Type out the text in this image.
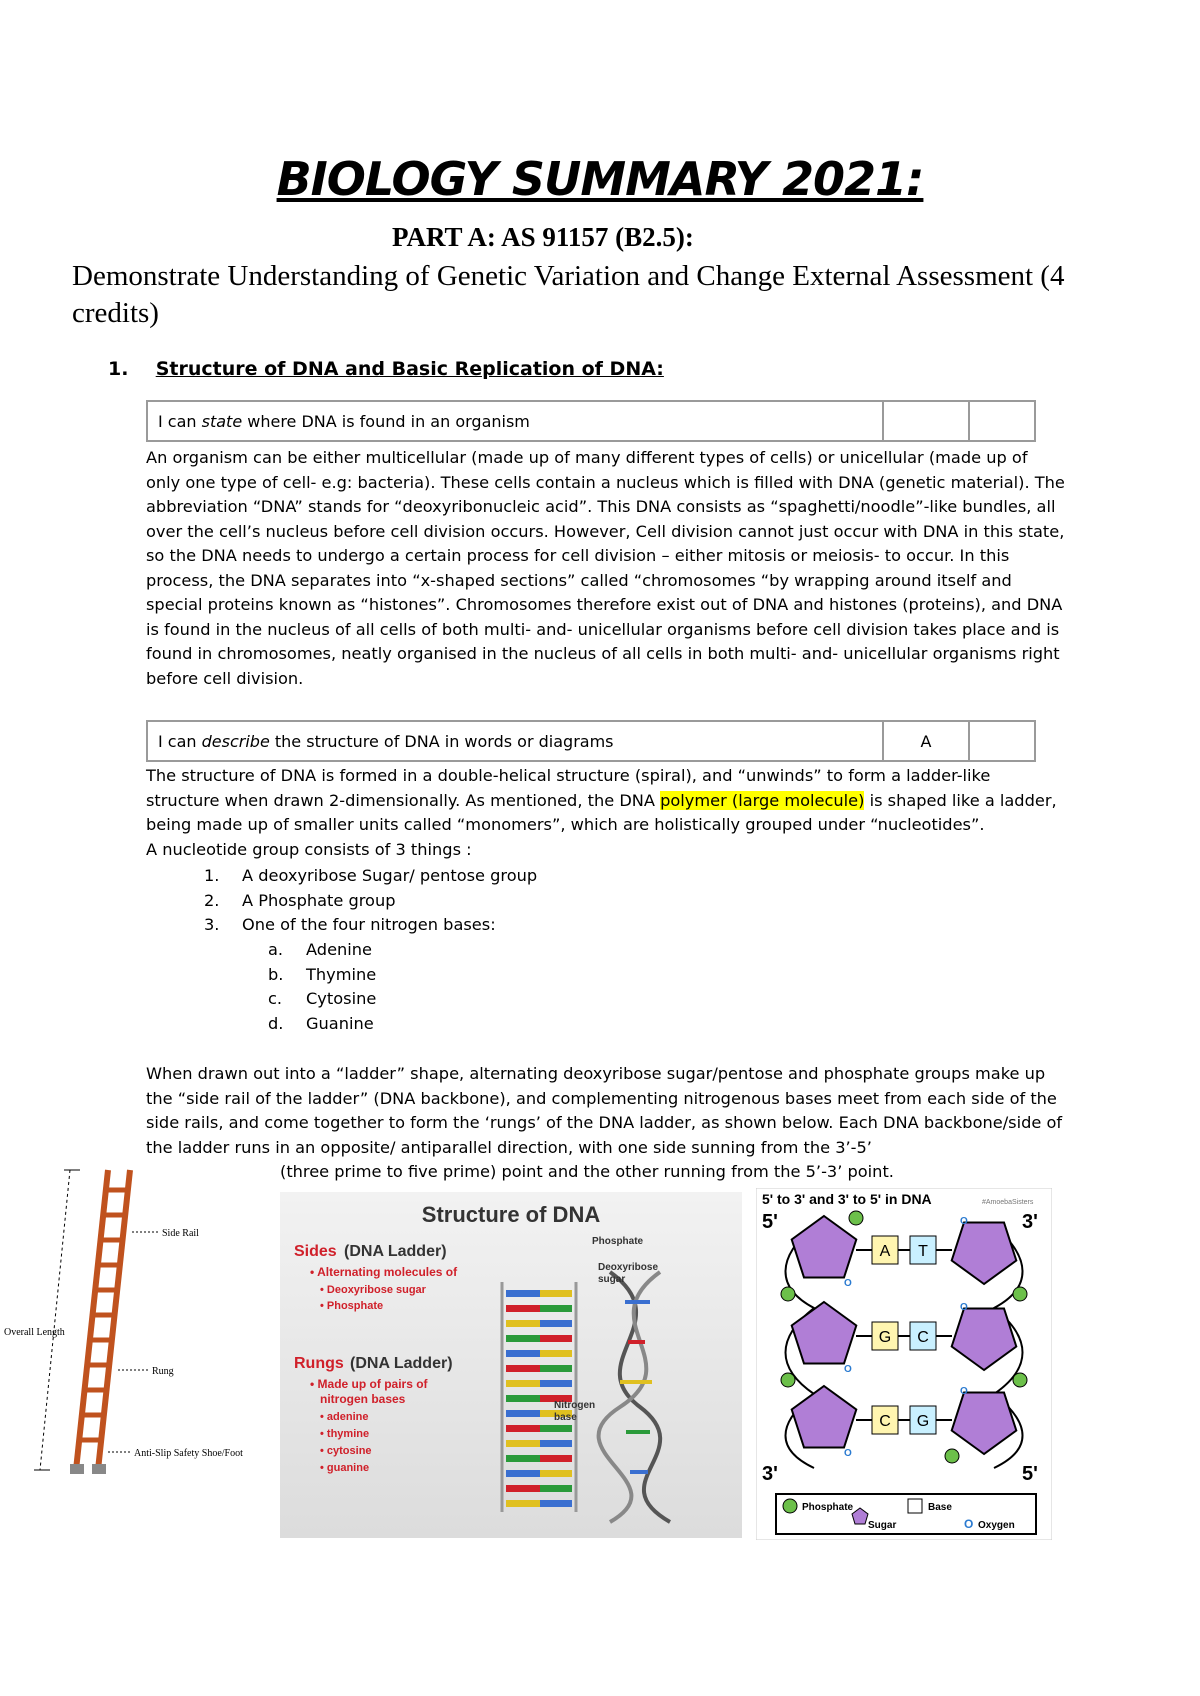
BIOLOGY SUMMARY 2021:
PART A: AS 91157 (B2.5):
Demonstrate Understanding of Genetic Variation and Change External Assessment (4 credits)
1. Structure of DNA and Basic Replication of DNA:
I can state where DNA is found in an organism
An organism can be either multicellular (made up of many different types of cells) or unicellular (made up of only one type of cell- e.g: bacteria). These cells contain a nucleus which is filled with DNA (genetic material). The abbreviation “DNA” stands for “deoxyribonucleic acid”. This DNA consists as “spaghetti/noodle”-like bundles, all over the cell’s nucleus before cell division occurs. However, Cell division cannot just occur with DNA in this state, so the DNA needs to undergo a certain process for cell division – either mitosis or meiosis- to occur. In this process, the DNA separates into “x-shaped sections” called “chromosomes “by wrapping around itself and special proteins known as “histones”. Chromosomes therefore exist out of DNA and histones (proteins), and DNA is found in the nucleus of all cells of both multi- and- unicellular organisms before cell division takes place and is found in chromosomes, neatly organised in the nucleus of all cells in both multi- and- unicellular organisms right before cell division.
I can describe the structure of DNA in words or diagrams	A
The structure of DNA is formed in a double-helical structure (spiral), and “unwinds” to form a ladder-like structure when drawn 2-dimensionally. As mentioned, the DNA polymer (large molecule) is shaped like a ladder, being made up of smaller units called “monomers”, which are holistically grouped under “nucleotides”.
A nucleotide group consists of 3 things :
1.	A deoxyribose Sugar/ pentose group
2.	A Phosphate group
3.	One of the four nitrogen bases:
a.	Adenine
b.	Thymine
c.	Cytosine
d.	Guanine
When drawn out into a “ladder” shape, alternating deoxyribose sugar/pentose and phosphate groups make up the “side rail of the ladder” (DNA backbone), and complementing nitrogenous bases meet from each side of the side rails, and come together to form the ‘rungs’ of the DNA ladder, as shown below. Each DNA backbone/side of the ladder runs in an opposite/ antiparallel direction, with one side sunning from the 3’-5’
(three prime to five prime) point and the other running from the 5’-3’ point.
Side Rail
Overall Length
Rung
Anti-Slip Safety Shoe/Foot
Structure of DNA
Sides (DNA Ladder)
• Alternating molecules of
• Deoxyribose sugar
• Phosphate
Rungs (DNA Ladder)
• Made up of pairs of
nitrogen bases
• adenine
• thymine
• cytosine
• guanine
Phosphate
Deoxyribose
sugar
Nitrogen
base
5' to 3' and 3' to 5' in DNA	#AmoebaSisters
5'	3'
3'	5'
A T
O
O
G C
O
O
C G
O
O
Phosphate
Sugar
Base
O Oxygen
